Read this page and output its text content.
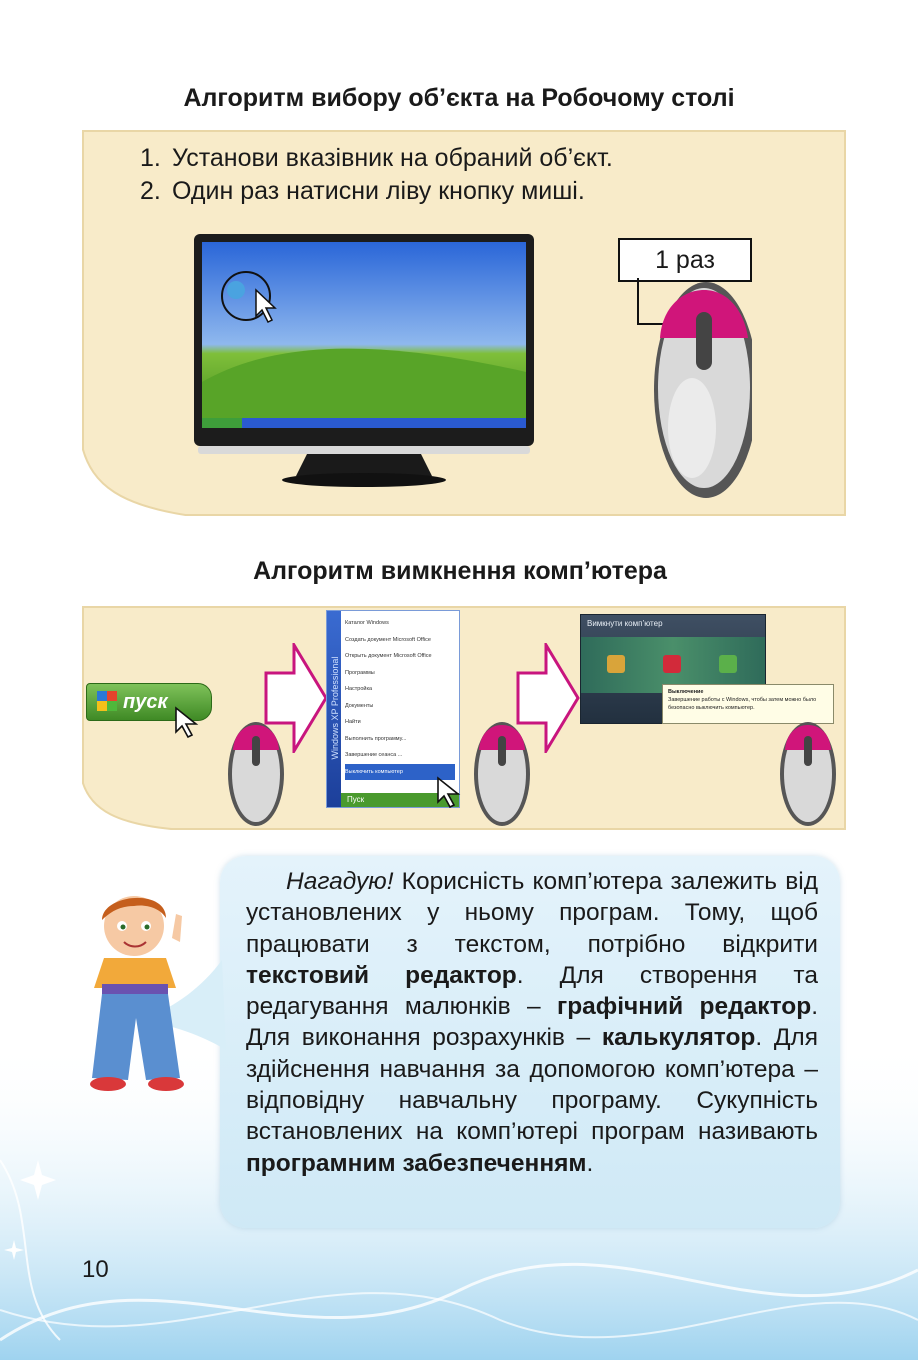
Алгоритм вибору об’єкта на Робочому столі
1. Установи вказівник на обраний об’єкт.
2. Один раз натисни ліву кнопку миші.
1 раз
Алгоритм вимкнення комп’ютера
пуск	Windows XP Professional
Каталог Windows
Создать документ Microsoft Office
Открыть документ Microsoft Office
Программы
Настройка
Документы
Найти
Выполнить программу...
Завершение сеанса ...
Выключить компьютер
Пуск
Вимкнути комп’ютер
Выключение
Завершение работы с Windows, чтобы затем можно было безопасно выключить компьютер.
Нагадую! Корисність комп’ютера залежить від установлених у ньому програм. Тому, щоб працювати з текстом, потрібно відкрити текстовий редактор. Для створення та редагування малюнків – графічний редактор. Для виконання розрахунків – калькулятор. Для здійснення навчання за допомогою комп’ютера – відповідну навчальну програму. Сукупність встановлених на комп’ютері програм називають програмним забезпеченням.
10
